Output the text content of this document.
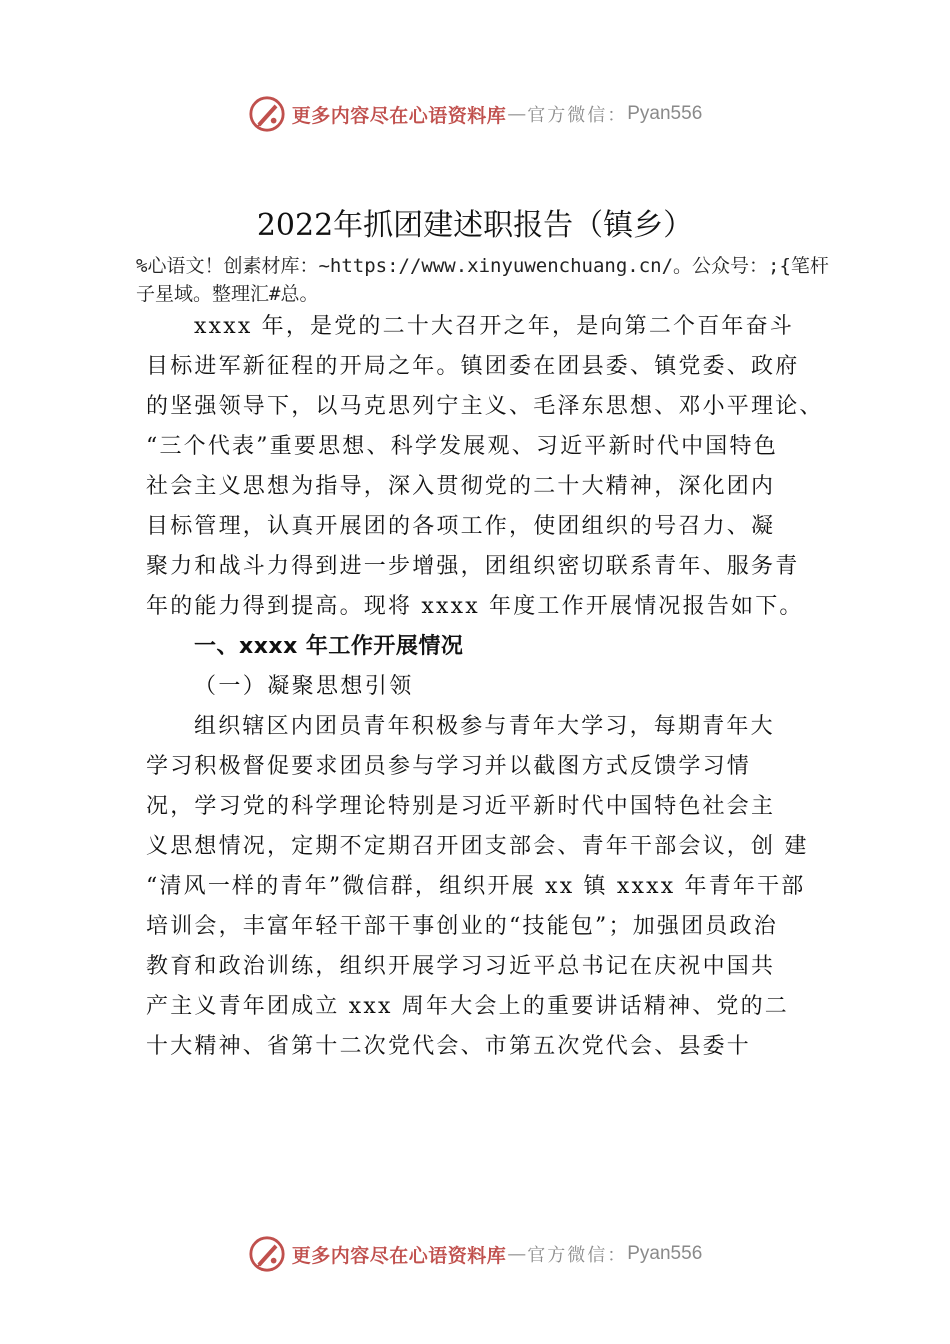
更多内容尽在心语资料库 — 官方微信： Pyan556
2022年抓团建述职报告（镇乡）
%心语文！创素材库：~https://www.xinyuwenchuang.cn/。公众号：;{笔杆子星域。整理汇#总。
xxxx 年，是党的二十大召开之年，是向第二个百年奋斗
目标进军新征程的开局之年。镇团委在团县委、镇党委、政府
的坚强领导下，以马克思列宁主义、毛泽东思想、邓小平理论、
“三个代表”重要思想、科学发展观、习近平新时代中国特色
社会主义思想为指导，深入贯彻党的二十大精神，深化团内
目标管理，认真开展团的各项工作，使团组织的号召力、凝
聚力和战斗力得到进一步增强，团组织密切联系青年、服务青
年的能力得到提高。现将 xxxx 年度工作开展情况报告如下。
一、xxxx 年工作开展情况
（一）凝聚思想引领
组织辖区内团员青年积极参与青年大学习，每期青年大
学习积极督促要求团员参与学习并以截图方式反馈学习情
况，学习党的科学理论特别是习近平新时代中国特色社会主
义思想情况，定期不定期召开团支部会、青年干部会议，创 建
“清风一样的青年”微信群，组织开展 xx 镇 xxxx 年青年干部
培训会，丰富年轻干部干事创业的“技能包”；加强团员政治
教育和政治训练，组织开展学习习近平总书记在庆祝中国共
产主义青年团成立 xxx 周年大会上的重要讲话精神、党的二
十大精神、省第十二次党代会、市第五次党代会、县委十
更多内容尽在心语资料库 — 官方微信： Pyan556
